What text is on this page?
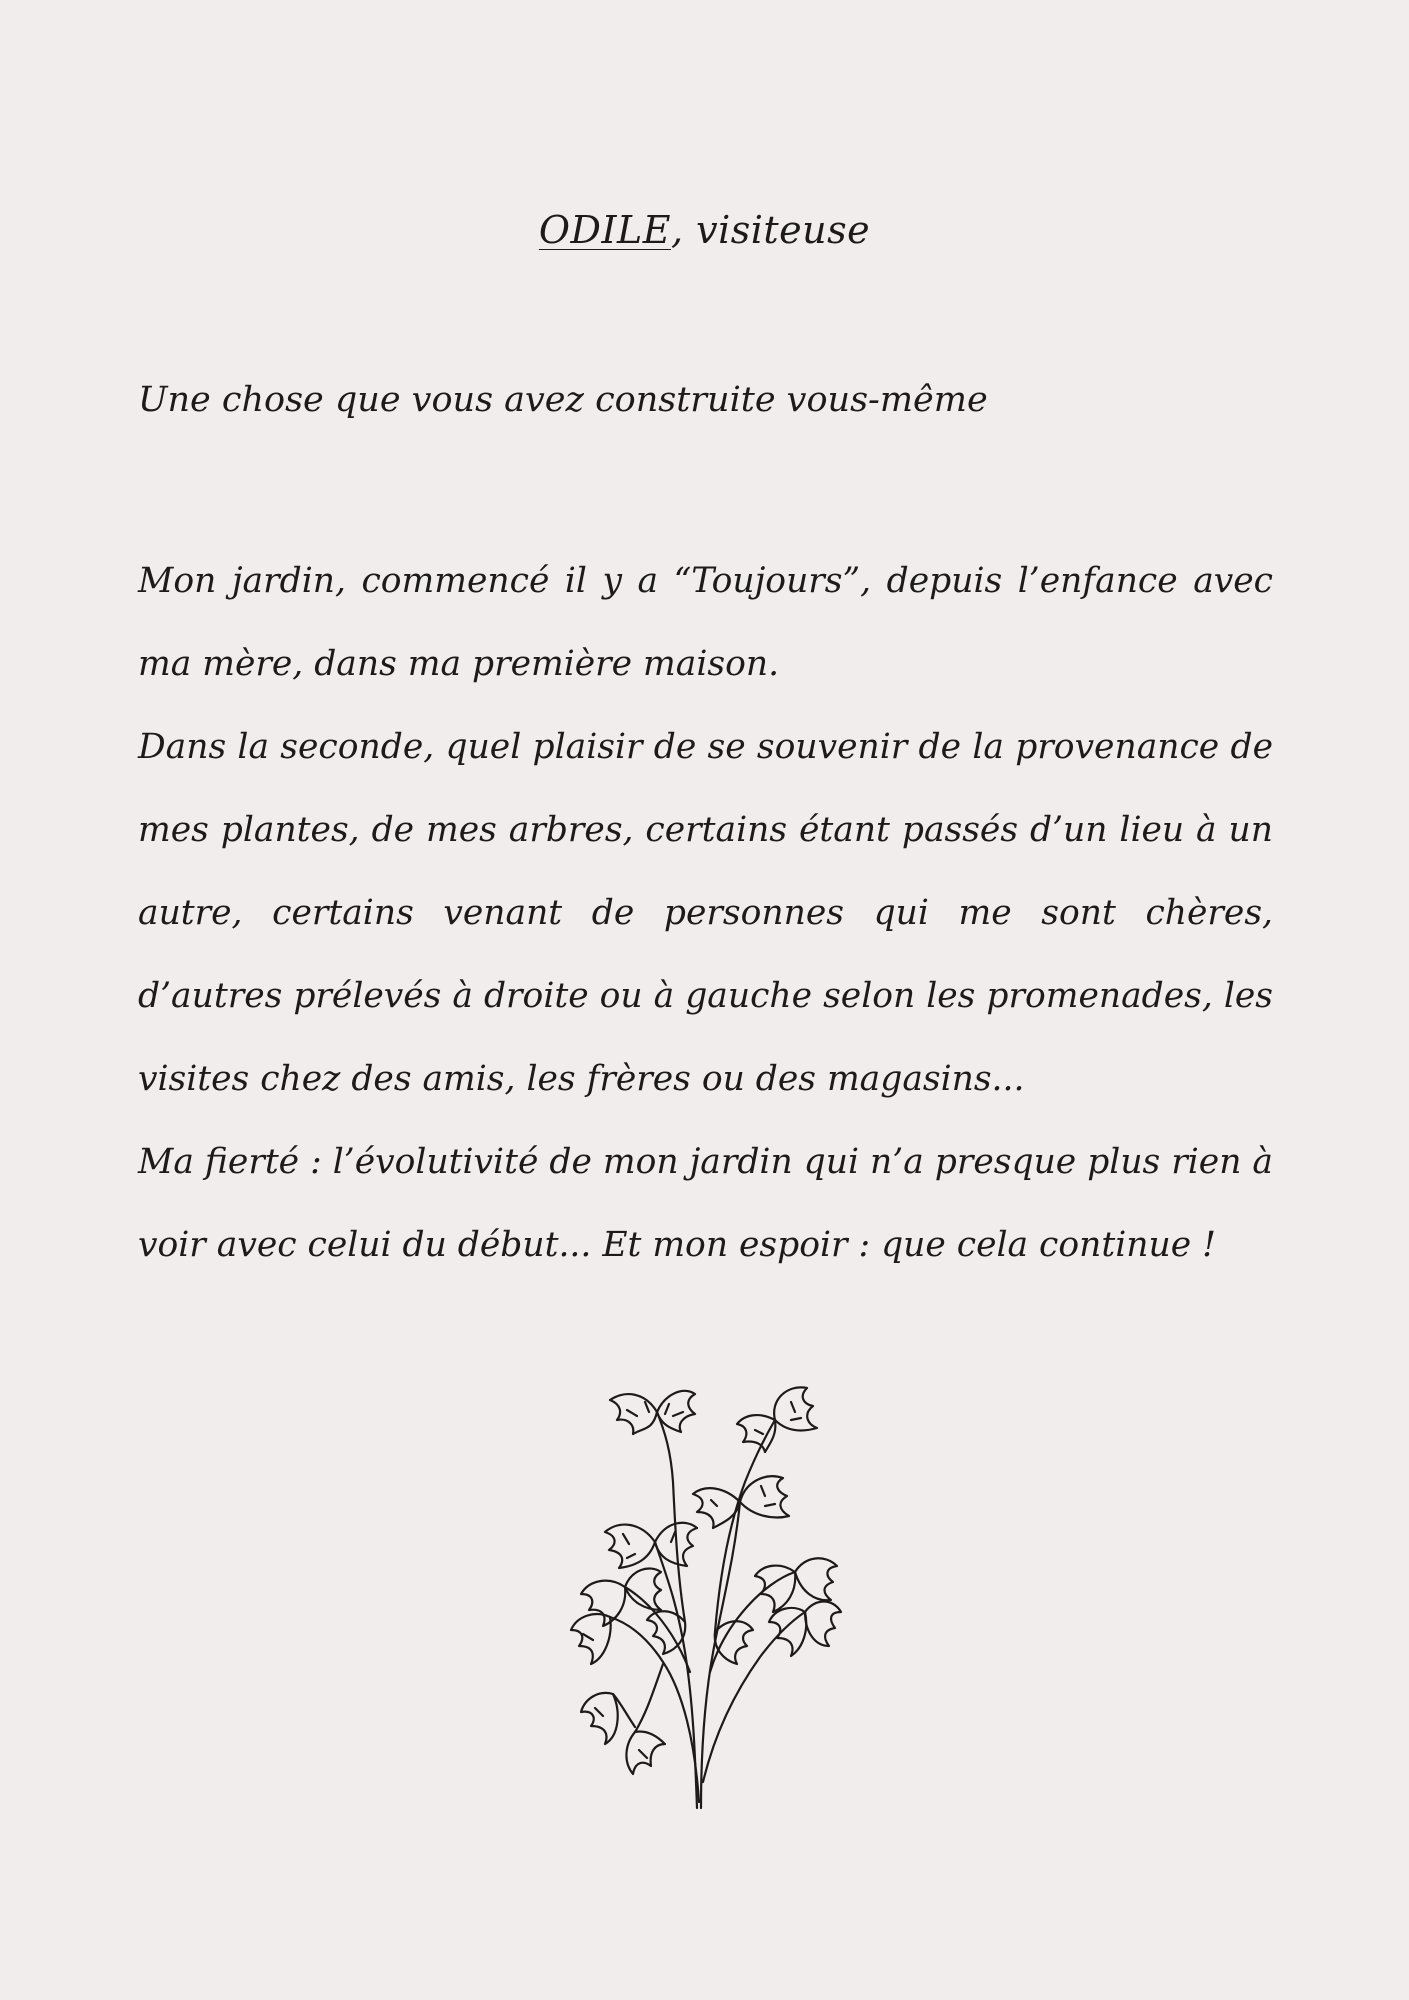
ODILE, visiteuse
Une chose que vous avez construite vous-même

Mon jardin, commencé il y a “Toujours”, depuis l’enfance avec ma mère, dans ma première maison.

Dans la seconde, quel plaisir de se souvenir de la provenance de mes plantes, de mes arbres, certains étant passés d’un lieu à un autre, certains venant de personnes qui me sont chères, d’autres prélevés à droite ou à gauche selon les promenades, les visites chez des amis, les frères ou des magasins...

Ma fierté : l’évolutivité de mon jardin qui n’a presque plus rien à voir avec celui du début... Et mon espoir : que cela continue !
